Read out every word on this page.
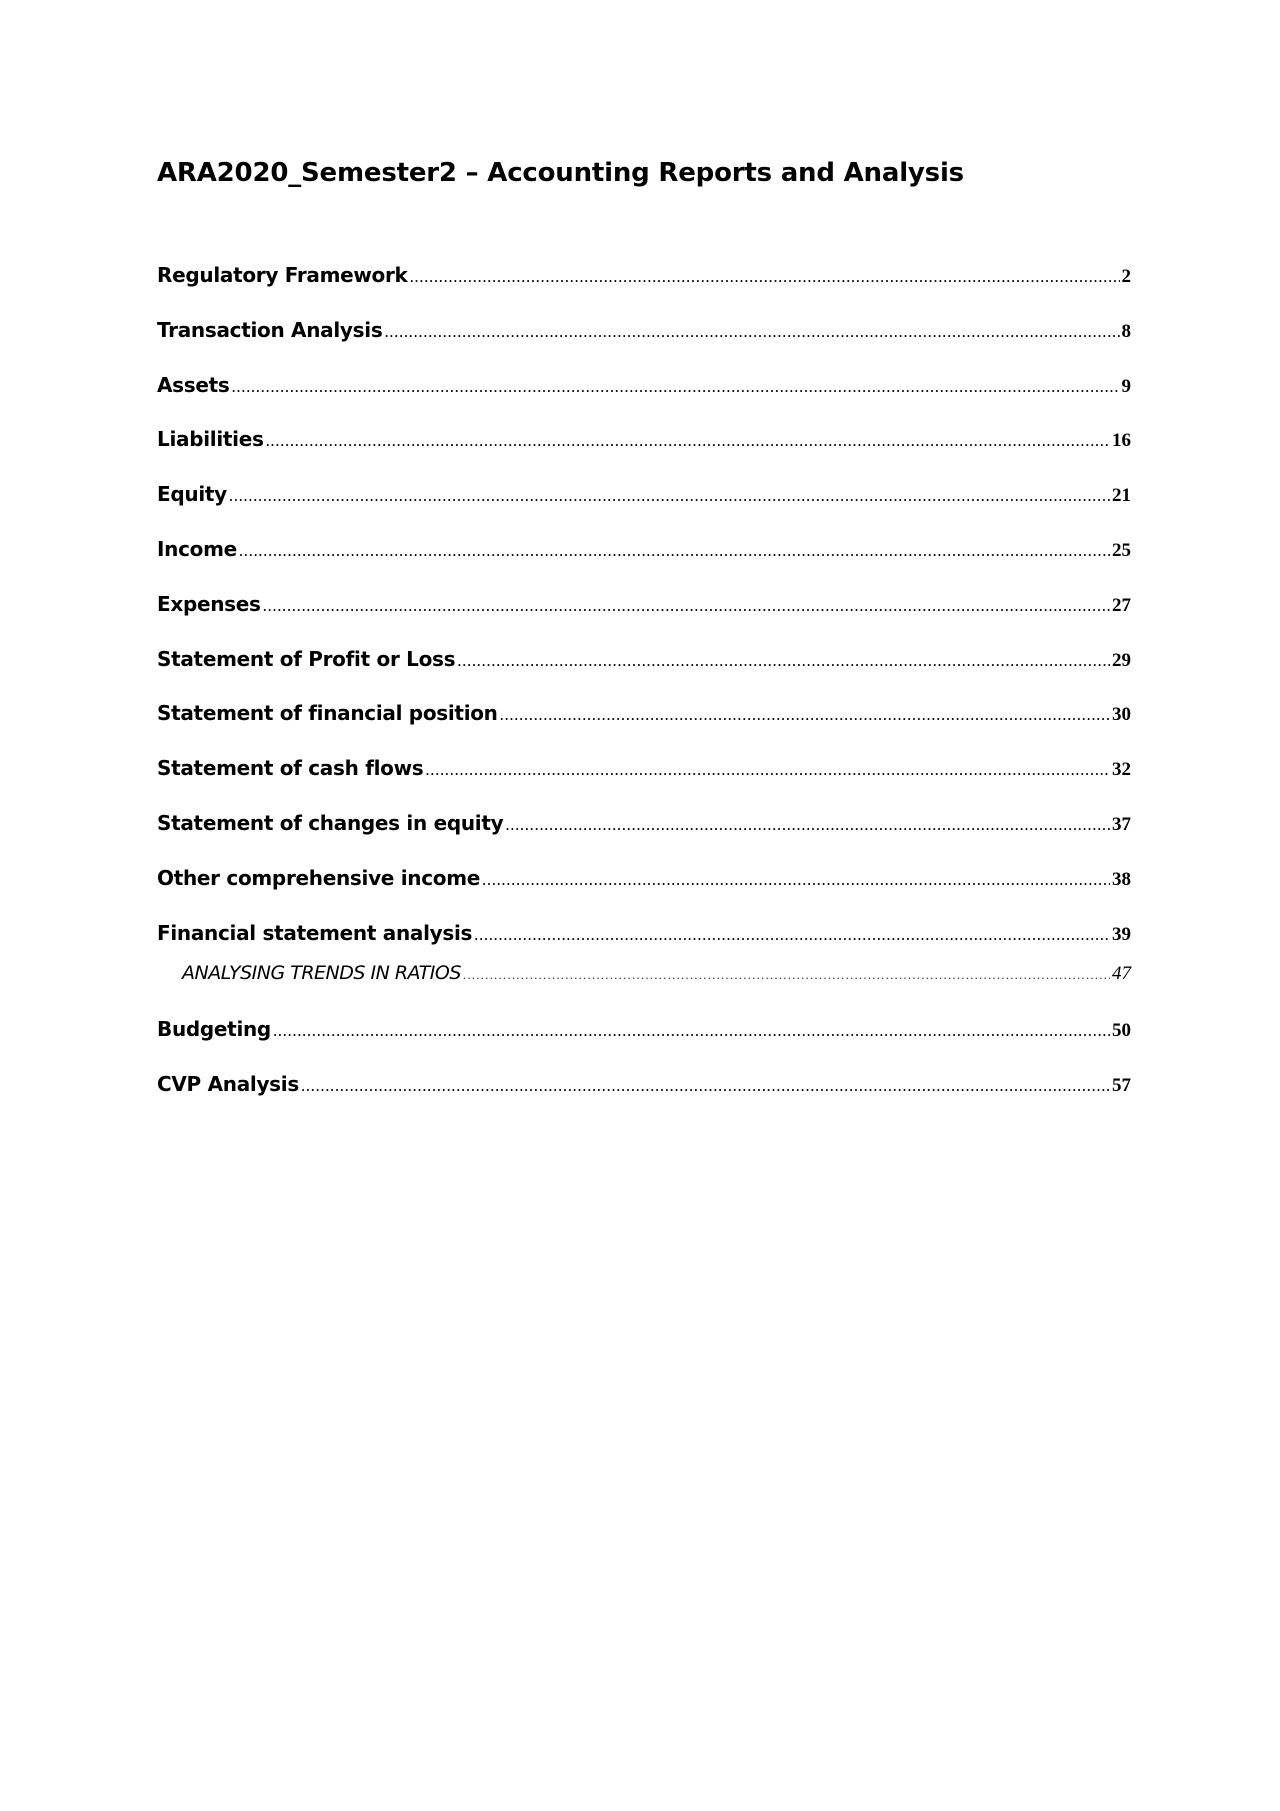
ARA2020_Semester2 – Accounting Reports and Analysis
Regulatory Framework .....	2
Transaction Analysis .....	8
Assets .....	9
Liabilities .....	16
Equity .....	21
Income .....	25
Expenses .....	27
Statement of Profit or Loss .....	29
Statement of financial position .....	30
Statement of cash flows .....	32
Statement of changes in equity .....	37
Other comprehensive income .....	38
Financial statement analysis .....	39
ANALYSING TRENDS IN RATIOS .....	47
Budgeting .....	50
CVP Analysis .....	57
